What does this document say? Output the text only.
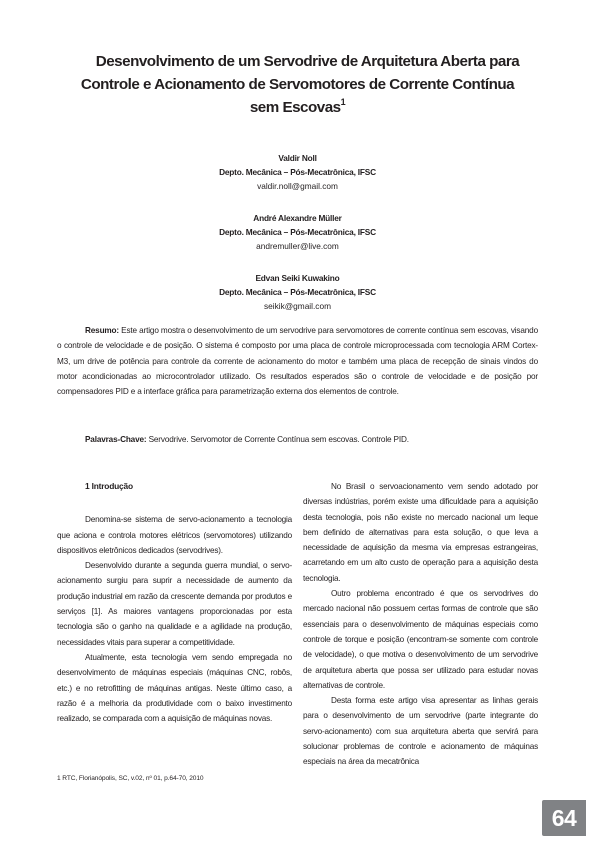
Desenvolvimento de um Servodrive de Arquitetura Aberta para
Controle e Acionamento de Servomotores de Corrente Contínua
sem Escovas$^1$
Valdir Noll
Depto. Mecânica – Pós-Mecatrônica, IFSC
valdir.noll@gmail.com
André Alexandre Müller
Depto. Mecânica – Pós-Mecatrônica, IFSC
andremuller@live.com
Edvan Seiki Kuwakino
Depto. Mecânica – Pós-Mecatrônica, IFSC
seikik@gmail.com

Resumo: Este artigo mostra o desenvolvimento de um servodrive para servomotores de corrente contínua sem escovas, visando o controle de velocidade e de posição. O sistema é composto por uma placa de controle microprocessada com tecnologia ARM Cortex-M3, um drive de potência para controle da corrente de acionamento do motor e também uma placa de recepção de sinais vindos do motor acondicionadas ao microcontrolador utilizado. Os resultados esperados são o controle de velocidade e de posição por compensadores PID e a interface gráfica para parametrização externa dos elementos de controle.

Palavras-Chave: Servodrive. Servomotor de Corrente Contínua sem escovas. Controle PID.
1 Introdução

Denomina-se sistema de servo-acionamento a tecnologia que aciona e controla motores elétricos (servomotores) utilizando dispositivos eletrônicos dedicados (servodrives).

Desenvolvido durante a segunda guerra mundial, o servo-acionamento surgiu para suprir a necessidade de aumento da produção industrial em razão da crescente demanda por produtos e serviços [1]. As maiores vantagens proporcionadas por esta tecnologia são o ganho na qualidade e a agilidade na produção, necessidades vitais para superar a competitividade.

Atualmente, esta tecnologia vem sendo empregada no desenvolvimento de máquinas especiais (máquinas CNC, robôs, etc.) e no retrofitting de máquinas antigas. Neste último caso, a razão é a melhoria da produtividade com o baixo investimento realizado, se comparada com a aquisição de máquinas novas.

No Brasil o servoacionamento vem sendo adotado por diversas indústrias, porém existe uma dificuldade para a aquisição desta tecnologia, pois não existe no mercado nacional um leque bem definido de alternativas para esta solução, o que leva a necessidade de aquisição da mesma via empresas estrangeiras, acarretando em um alto custo de operação para a aquisição desta tecnologia.

Outro problema encontrado é que os servodrives do mercado nacional não possuem certas formas de controle que são essenciais para o desenvolvimento de máquinas especiais como controle de torque e posição (encontram-se somente com controle de velocidade), o que motiva o desenvolvimento de um servodrive de arquitetura aberta que possa ser utilizado para estudar novas alternativas de controle.

Desta forma este artigo visa apresentar as linhas gerais para o desenvolvimento de um servodrive (parte integrante do servo-acionamento) com sua arquitetura aberta que servirá para solucionar problemas de controle e acionamento de máquinas especiais na área da mecatrônica

1 RTC, Florianópolis, SC, v.02, nº 01, p.64-70, 2010
64
